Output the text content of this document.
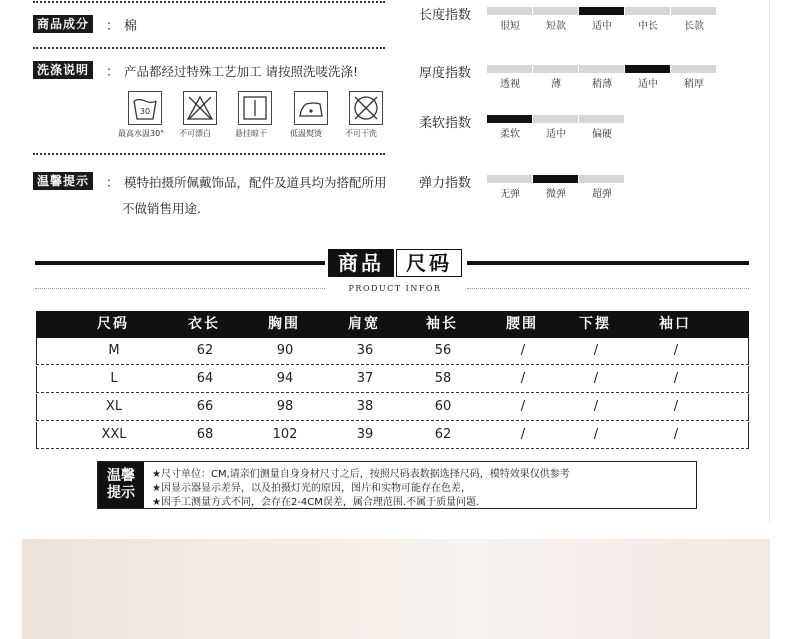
商品成分	： 棉
洗涤说明	： 产品都经过特殊工艺加工 请按照洗唛洗涤!
30
最高水温30° 不可漂白	悬挂晾干	低温熨烫	不可干洗
温馨提示	： 模特拍摄所佩戴饰品，配件及道具均为搭配所用
不做销售用途.
长度指数
很短	短款	适中	中长	长款
厚度指数
透视	薄	稍薄	适中	稍厚
柔软指数
柔软	适中	偏硬
弹力指数
无弹	微弹	超弹
商品	尺码
PRODUCT INFOR
尺码	衣长	胸围	肩宽	袖长	腰围	下摆	袖口
M	62	90	36	56	/	/	/
L	64	94	37	58	/	/	/
XL	66	98	38	60	/	/	/
XXL	68	102	39	62	/	/	/
温馨
提示
★尺寸单位：CM,请亲们测量自身身材尺寸之后，按照尺码表数据选择尺码，模特效果仅供参考
★因显示器显示差异，以及拍摄灯光的原因，图片和实物可能存在色差，
★因手工测量方式不同，会存在2-4CM误差，属合理范围.不属于质量问题.
